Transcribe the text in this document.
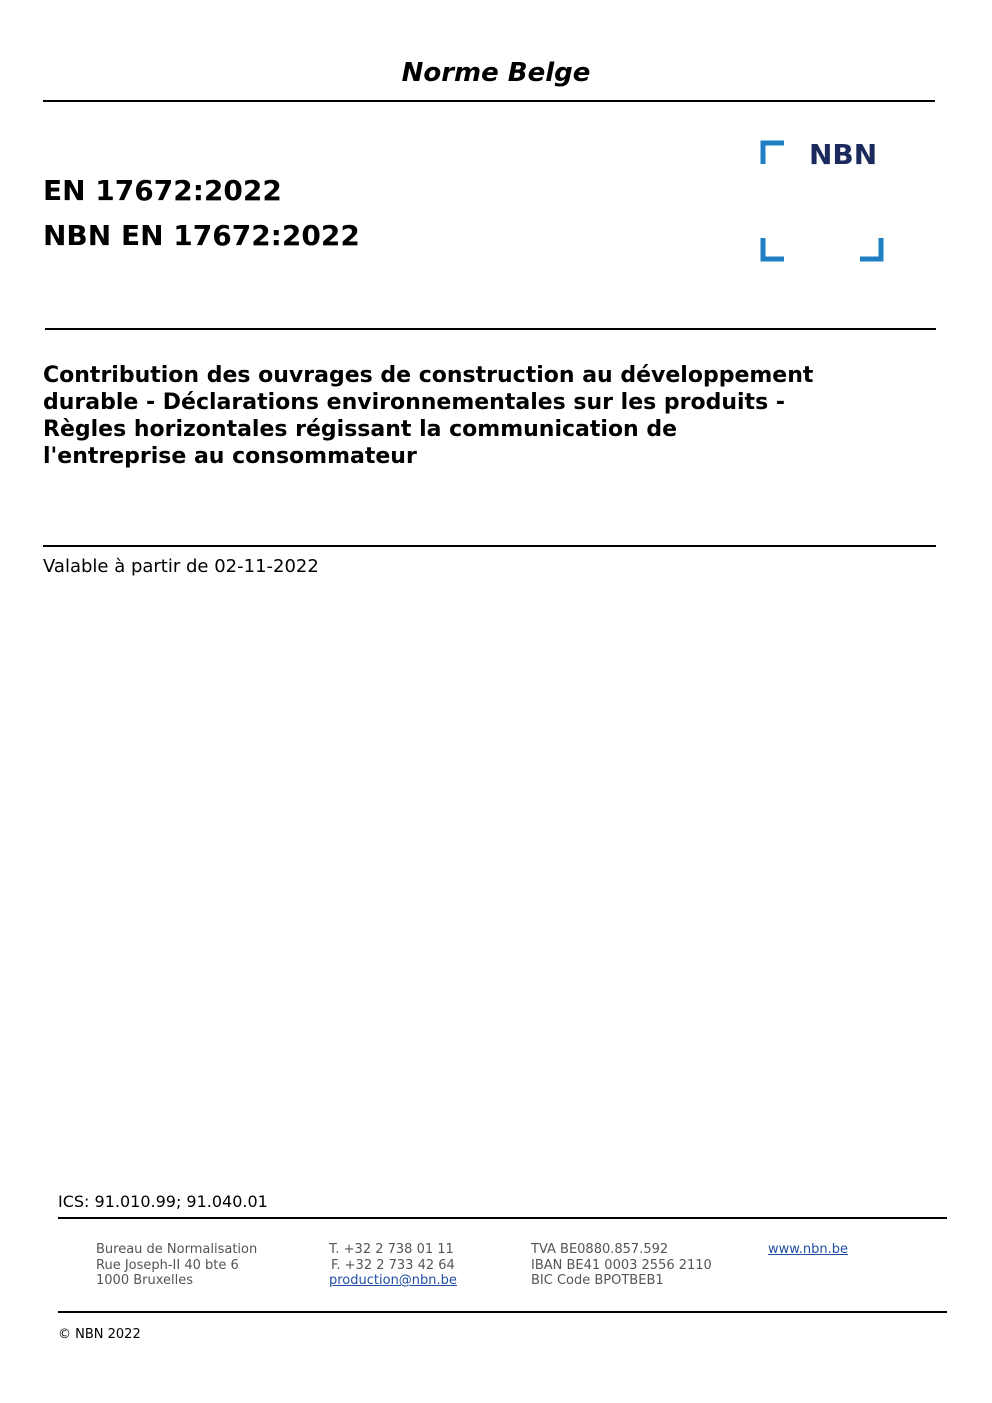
Norme Belge
EN 17672:2022
NBN EN 17672:2022
NBN
Contribution des ouvrages de construction au développement
durable - Déclarations environnementales sur les produits -
Règles horizontales régissant la communication de
l'entreprise au consommateur
Valable à partir de 02-11-2022
ICS: 91.010.99; 91.040.01
Bureau de Normalisation
Rue Joseph-II 40 bte 6
1000 Bruxelles
T. +32 2 738 01 11
F. +32 2 733 42 64
production@nbn.be
TVA BE0880.857.592
IBAN BE41 0003 2556 2110
BIC Code BPOTBEB1
www.nbn.be
© NBN 2022
